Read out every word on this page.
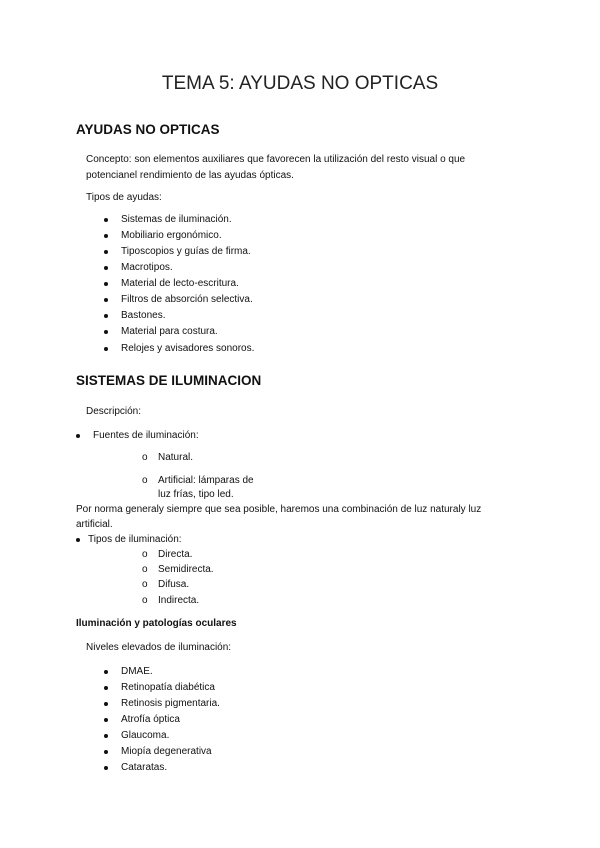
TEMA 5: AYUDAS NO OPTICAS
AYUDAS NO OPTICAS
Concepto: son elementos auxiliares que favorecen la utilización del resto visual o que
potencianel rendimiento de las ayudas ópticas.
Tipos de ayudas:
Sistemas de iluminación.
Mobiliario ergonómico.
Tiposcopios y guías de firma.
Macrotipos.
Material de lecto-escritura.
Filtros de absorción selectiva.
Bastones.
Material para costura.
Relojes y avisadores sonoros.
SISTEMAS DE ILUMINACION
Descripción:
Fuentes de iluminación:
o Natural.
o Artificial: lámparas de
luz frías, tipo led.
Por norma generaly siempre que sea posible, haremos una combinación de luz naturaly luz
artificial.
Tipos de iluminación:
o Directa.
o Semidirecta.
o Difusa.
o Indirecta.
Iluminación y patologías oculares
Niveles elevados de iluminación:
DMAE.
Retinopatía diabética
Retinosis pigmentaria.
Atrofía óptica
Glaucoma.
Miopía degenerativa
Cataratas.
